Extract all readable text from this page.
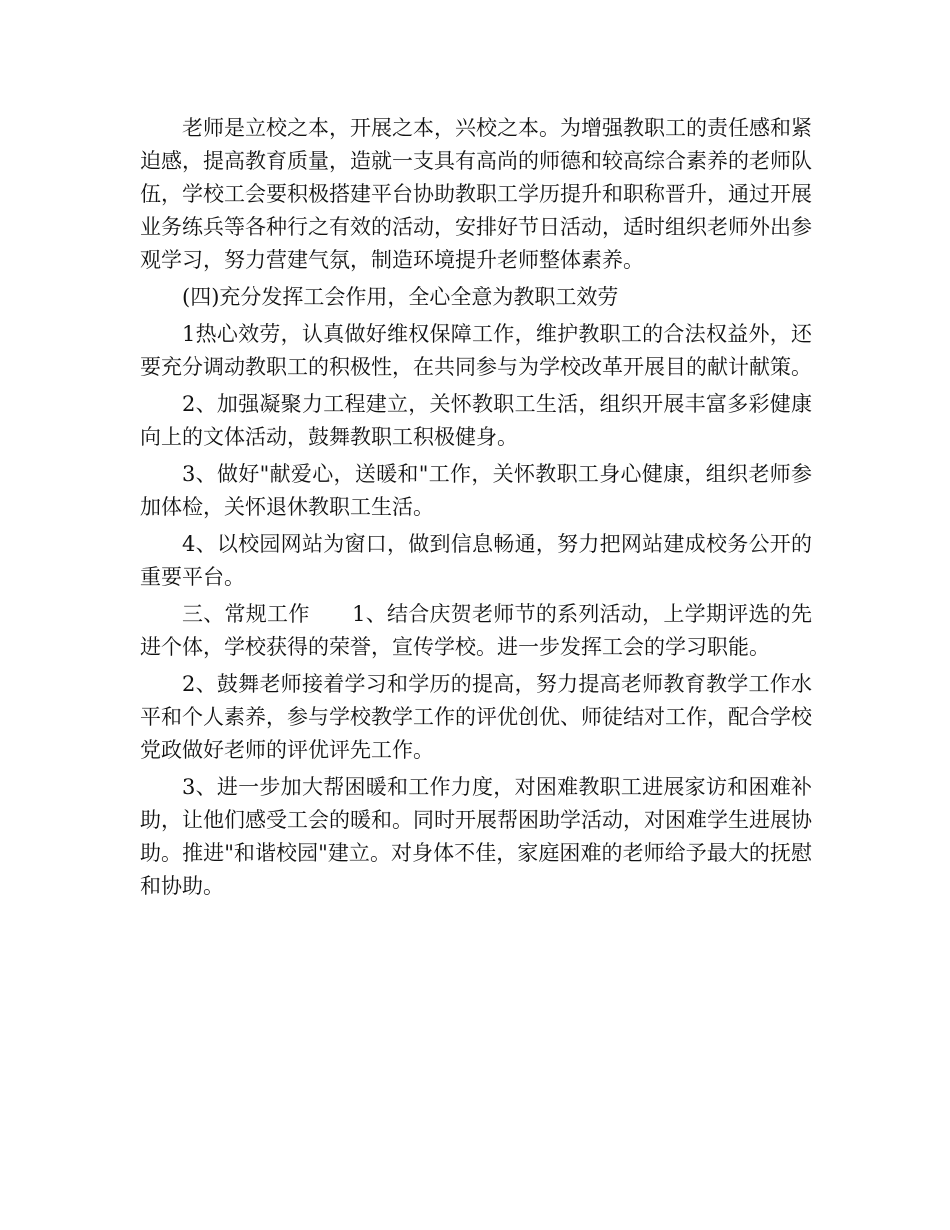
老师是立校之本，开展之本，兴校之本。为增强教职工的责任感和紧迫感，提高教育质量，造就一支具有高尚的师德和较高综合素养的老师队伍，学校工会要积极搭建平台协助教职工学历提升和职称晋升，通过开展业务练兵等各种行之有效的活动，安排好节日活动，适时组织老师外出参观学习，努力营建气氛，制造环境提升老师整体素养。

(四)充分发挥工会作用，全心全意为教职工效劳

1热心效劳，认真做好维权保障工作，维护教职工的合法权益外，还要充分调动教职工的积极性，在共同参与为学校改革开展目的献计献策。

2、加强凝聚力工程建立，关怀教职工生活，组织开展丰富多彩健康向上的文体活动，鼓舞教职工积极健身。

3、做好"献爱心，送暖和"工作，关怀教职工身心健康，组织老师参加体检，关怀退休教职工生活。

4、以校园网站为窗口，做到信息畅通，努力把网站建成校务公开的重要平台。

三、常规工作　　1、结合庆贺老师节的系列活动，上学期评选的先进个体，学校获得的荣誉，宣传学校。进一步发挥工会的学习职能。

2、鼓舞老师接着学习和学历的提高，努力提高老师教育教学工作水平和个人素养，参与学校教学工作的评优创优、师徒结对工作，配合学校党政做好老师的评优评先工作。

3、进一步加大帮困暖和工作力度，对困难教职工进展家访和困难补助，让他们感受工会的暖和。同时开展帮困助学活动，对困难学生进展协助。推进"和谐校园"建立。对身体不佳，家庭困难的老师给予最大的抚慰和协助。
